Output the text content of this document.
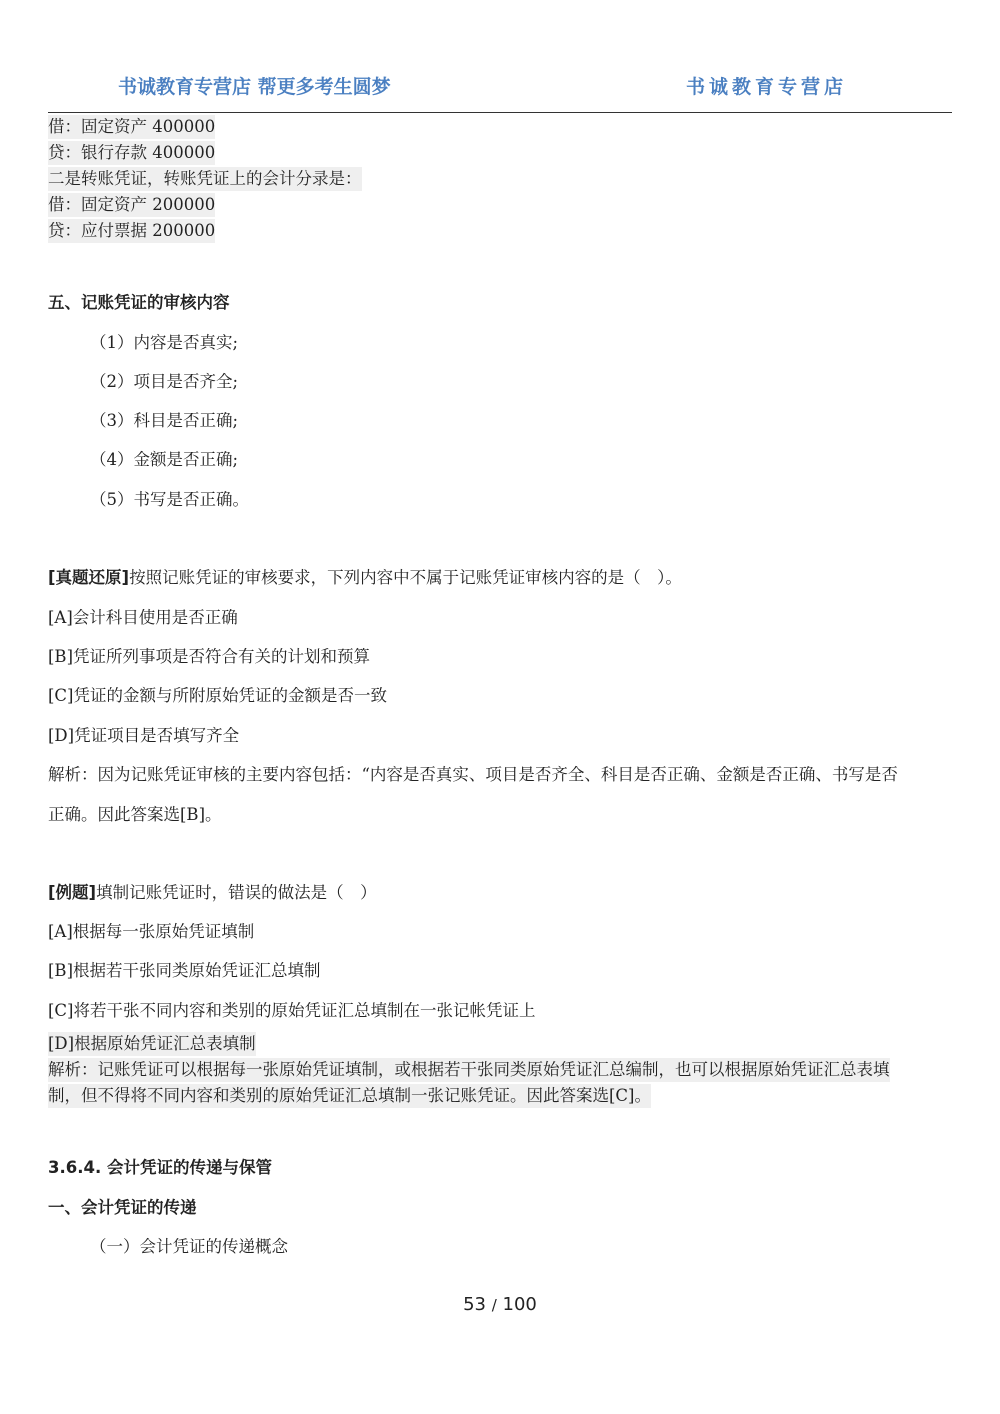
书诚教育专营店 帮更多考生圆梦	书诚教育专营店
借：固定资产 400000
贷：银行存款 400000
二是转账凭证，转账凭证上的会计分录是：
借：固定资产 200000
贷：应付票据 200000
五、记账凭证的审核内容
（1）内容是否真实;
（2）项目是否齐全;
（3）科目是否正确;
（4）金额是否正确;
（5）书写是否正确。
[真题还原]按照记账凭证的审核要求，下列内容中不属于记账凭证审核内容的是（　）。
[A]会计科目使用是否正确
[B]凭证所列事项是否符合有关的计划和预算
[C]凭证的金额与所附原始凭证的金额是否一致
[D]凭证项目是否填写齐全
解析：因为记账凭证审核的主要内容包括：“内容是否真实、项目是否齐全、科目是否正确、金额是否正确、书写是否
正确。因此答案选[B]。
[例题]填制记账凭证时，错误的做法是（　）
[A]根据每一张原始凭证填制
[B]根据若干张同类原始凭证汇总填制
[C]将若干张不同内容和类别的原始凭证汇总填制在一张记帐凭证上
[D]根据原始凭证汇总表填制
解析：记账凭证可以根据每一张原始凭证填制，或根据若干张同类原始凭证汇总编制，也可以根据原始凭证汇总表填
制，但不得将不同内容和类别的原始凭证汇总填制一张记账凭证。因此答案选[C]。
3.6.4. 会计凭证的传递与保管
一、会计凭证的传递
（一）会计凭证的传递概念
53 / 100
